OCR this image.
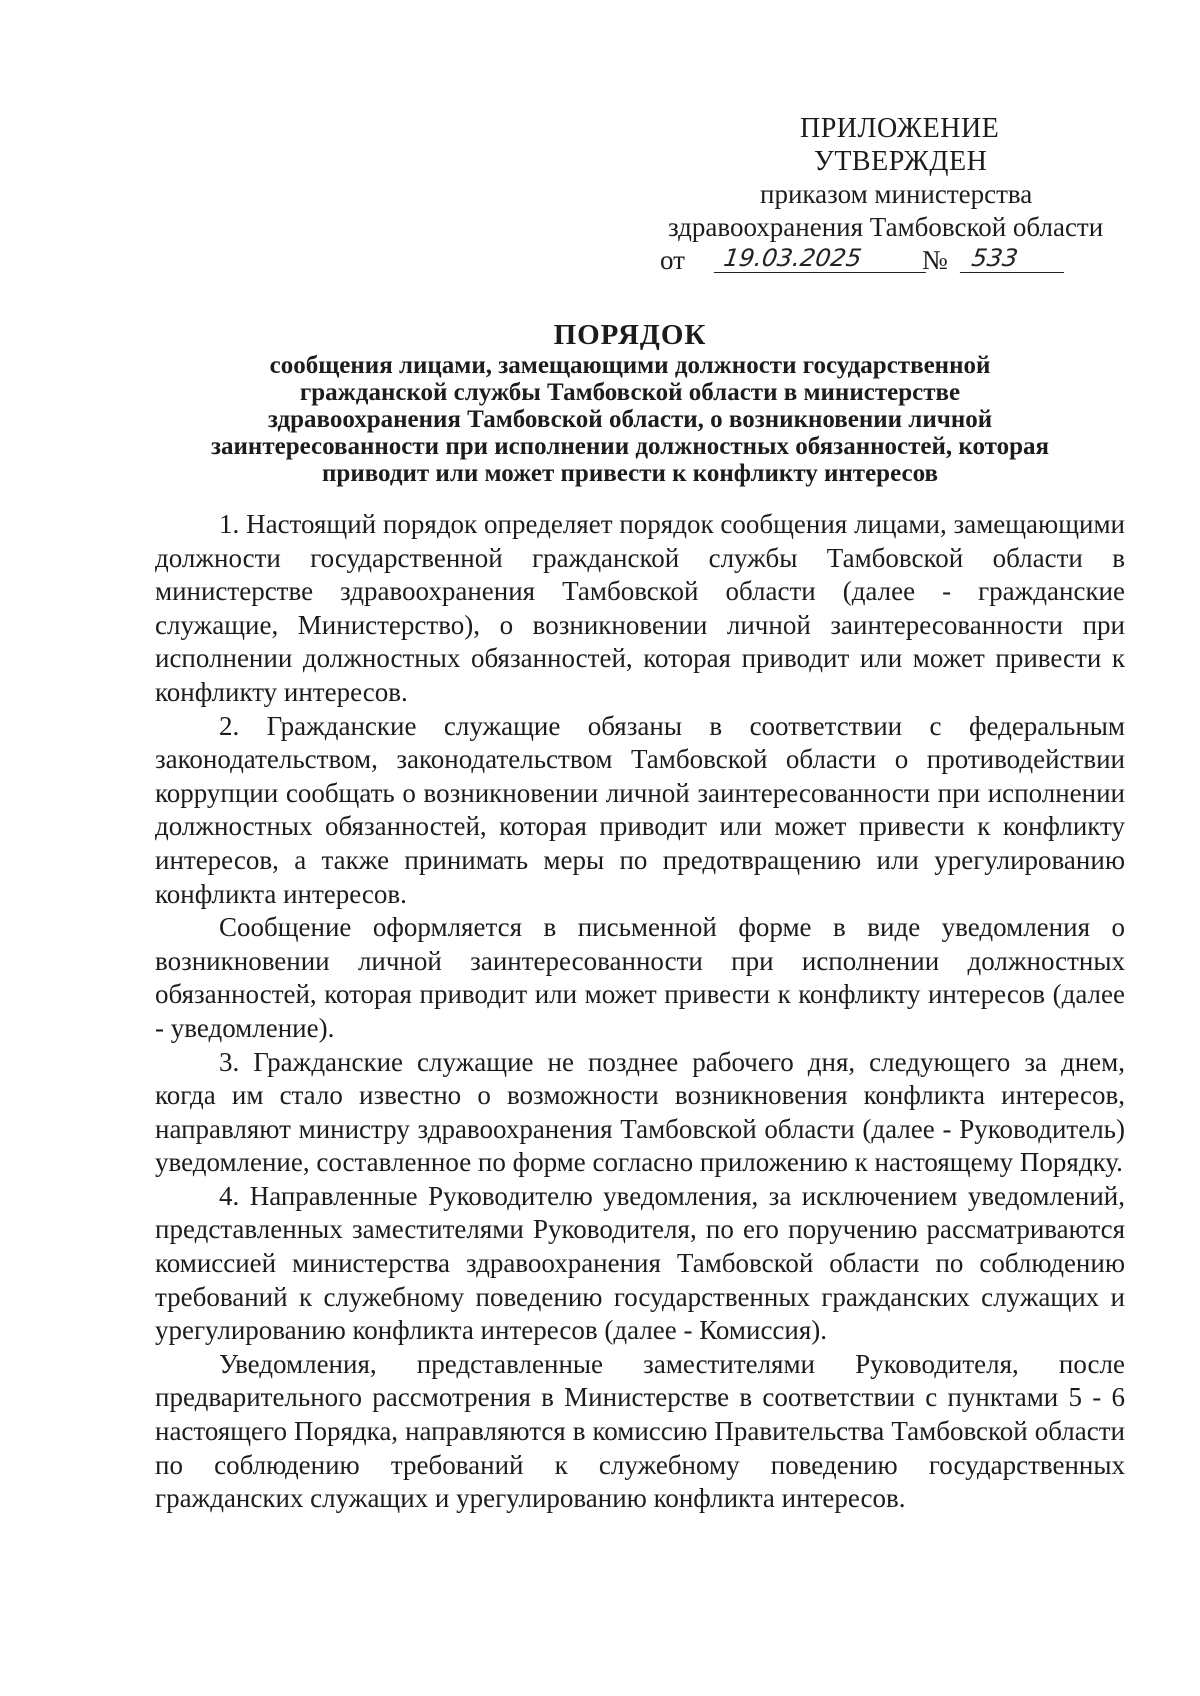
ПРИЛОЖЕНИЕ
УТВЕРЖДЕН
приказом министерства
здравоохранения Тамбовской области
от	19.03.2025	№ 533
ПОРЯДОК
сообщения лицами, замещающими должности государственной
гражданской службы Тамбовской области в министерстве
здравоохранения Тамбовской области, о возникновении личной
заинтересованности при исполнении должностных обязанностей, которая
приводит или может привести к конфликту интересов

1. Настоящий порядок определяет порядок сообщения лицами, замещающими должности государственной гражданской службы Тамбовской области в министерстве здравоохранения Тамбовской области (далее - гражданские служащие, Министерство), о возникновении личной заинтересованности при исполнении должностных обязанностей, которая приводит или может привести к конфликту интересов.

2. Гражданские служащие обязаны в соответствии с федеральным законодательством, законодательством Тамбовской области о противодействии коррупции сообщать о возникновении личной заинтересованности при исполнении должностных обязанностей, которая приводит или может привести к конфликту интересов, а также принимать меры по предотвращению или урегулированию конфликта интересов.

Сообщение оформляется в письменной форме в виде уведомления о возникновении личной заинтересованности при исполнении должностных обязанностей, которая приводит или может привести к конфликту интересов (далее - уведомление).

3. Гражданские служащие не позднее рабочего дня, следующего за днем, когда им стало известно о возможности возникновения конфликта интересов, направляют министру здравоохранения Тамбовской области (далее - Руководитель) уведомление, составленное по форме согласно приложению к настоящему Порядку.

4. Направленные Руководителю уведомления, за исключением уведомлений, представленных заместителями Руководителя, по его поручению рассматриваются комиссией министерства здравоохранения Тамбовской области по соблюдению требований к служебному поведению государственных гражданских служащих и урегулированию конфликта интересов (далее - Комиссия).

Уведомления, представленные заместителями Руководителя, после предварительного рассмотрения в Министерстве в соответствии с пунктами 5 - 6 настоящего Порядка, направляются в комиссию Правительства Тамбовской области по соблюдению требований к служебному поведению государственных гражданских служащих и урегулированию конфликта интересов.
